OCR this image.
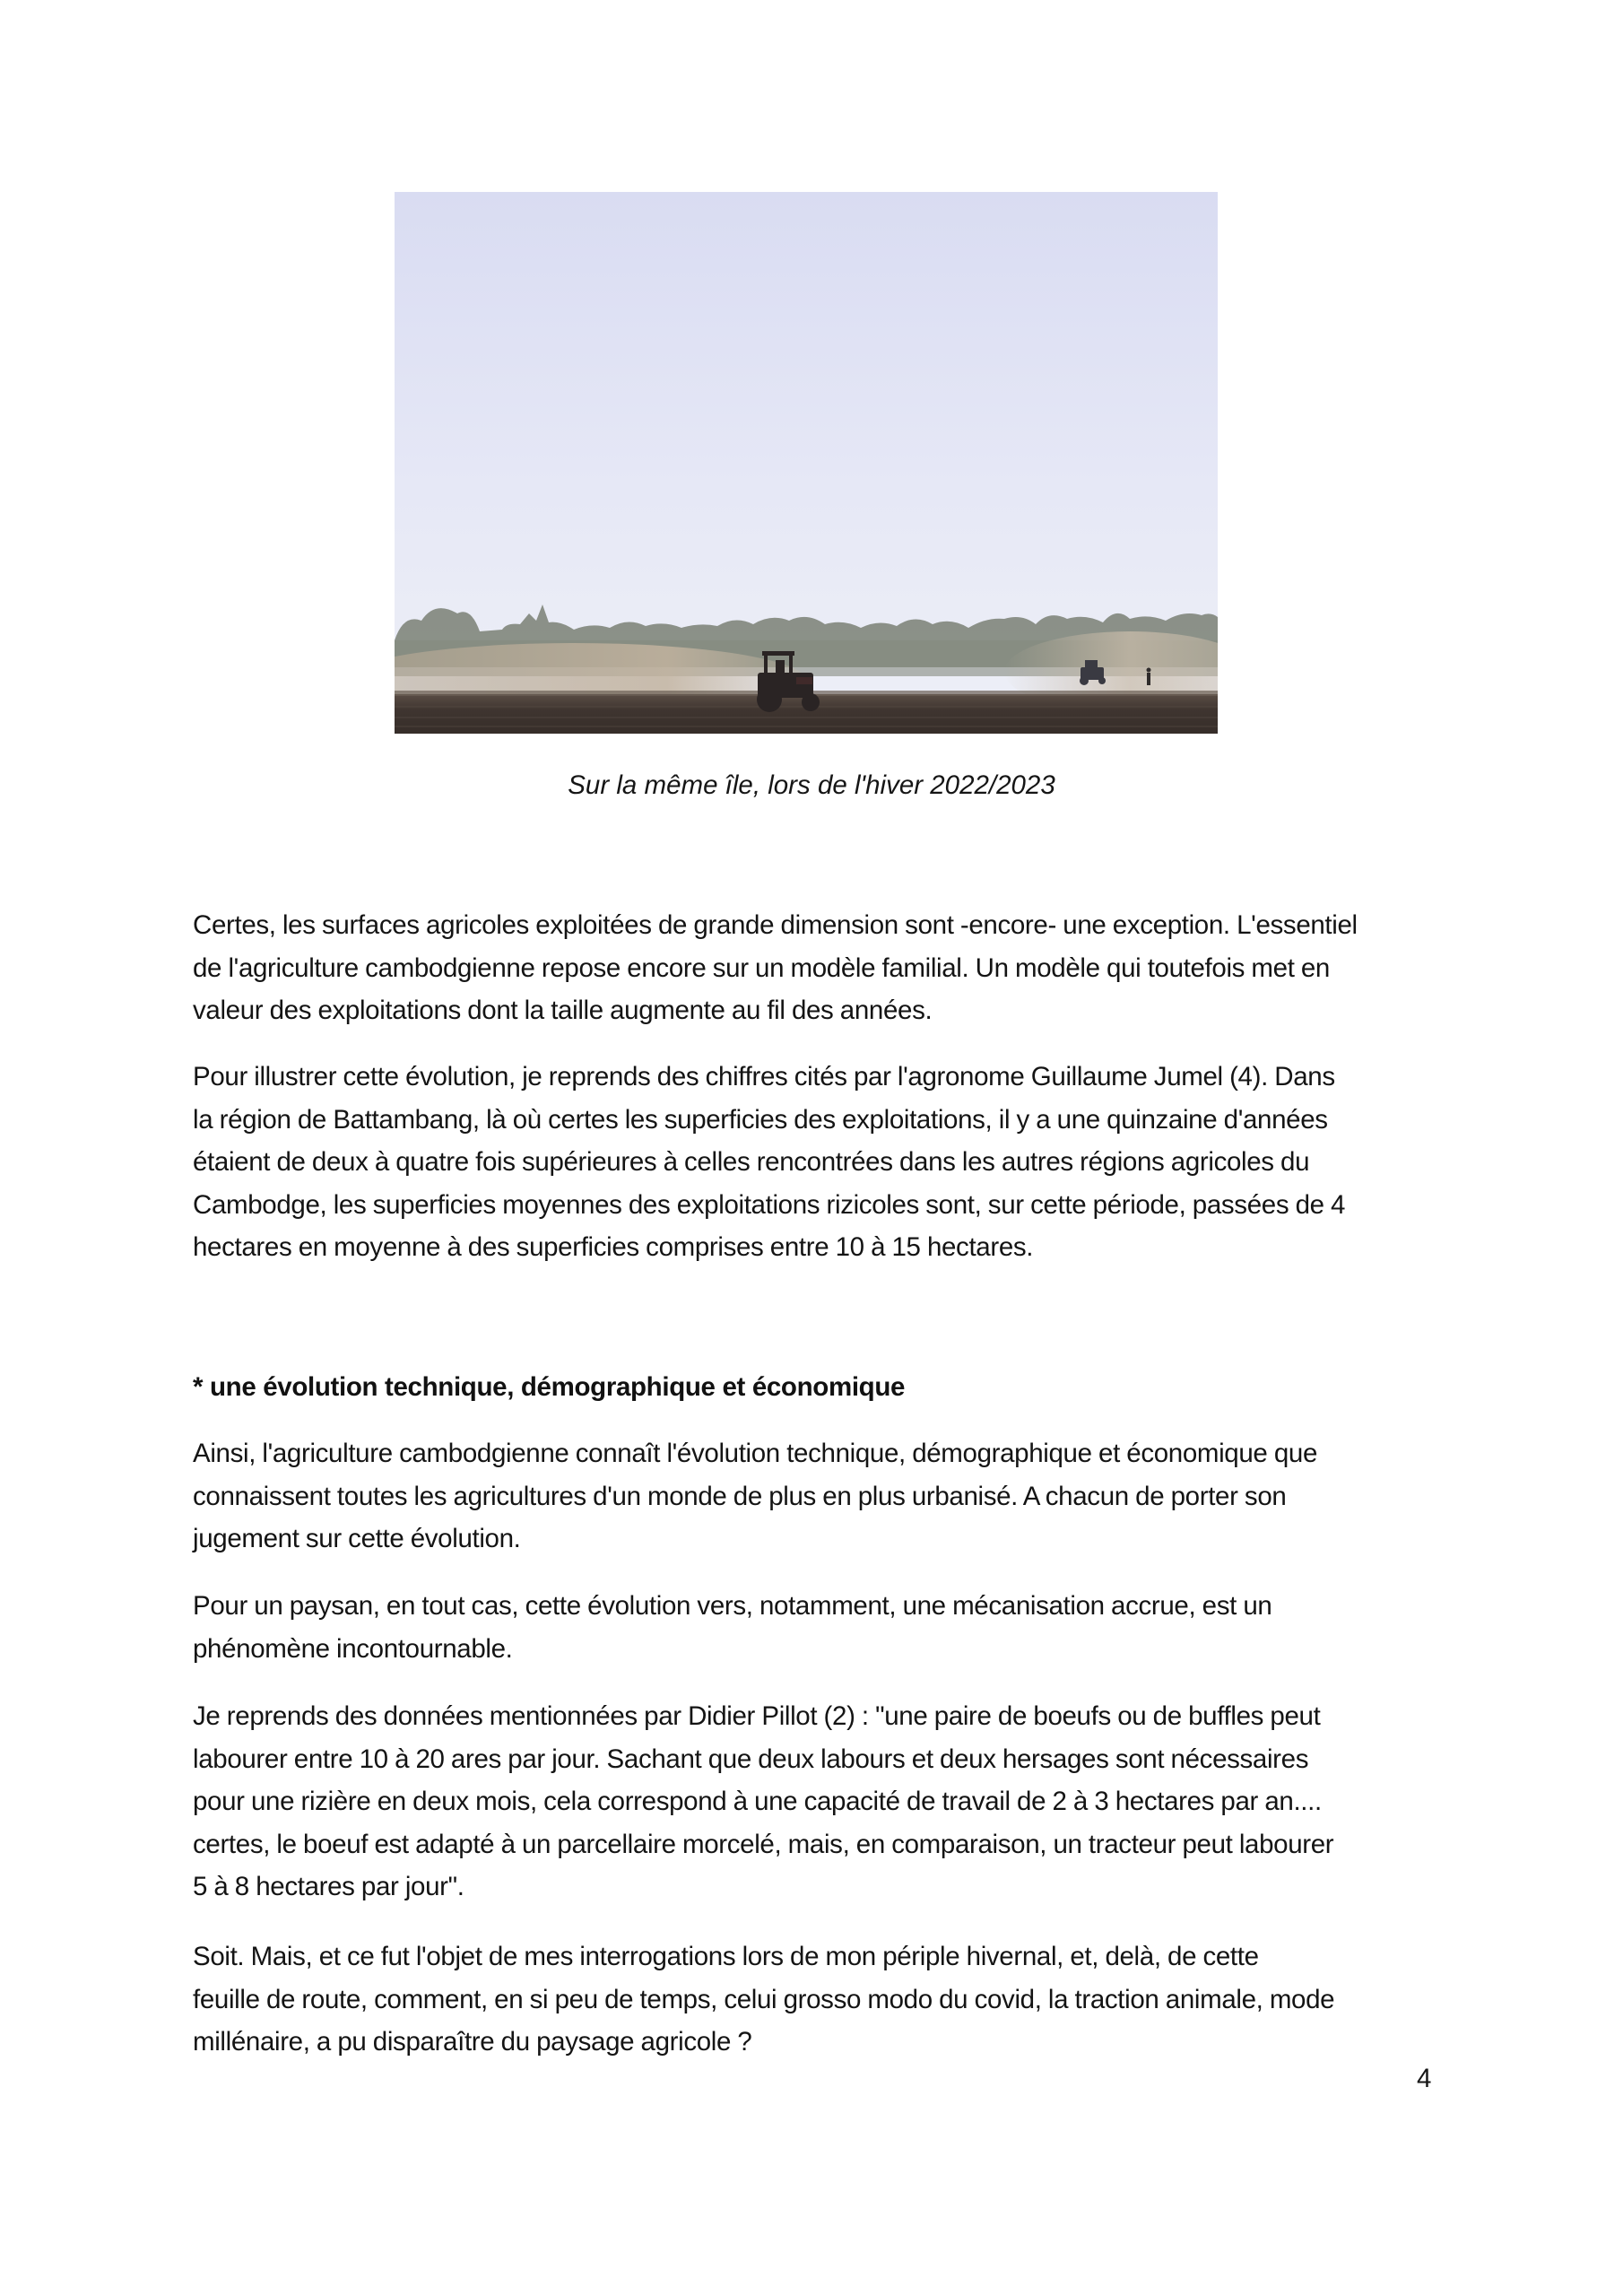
Sur la même île, lors de l'hiver 2022/2023

Certes, les surfaces agricoles exploitées de grande dimension sont -encore- une exception. L'essentiel
de l'agriculture cambodgienne repose encore sur un modèle familial. Un modèle qui toutefois met en
valeur des exploitations dont la taille augmente au fil des années.

Pour illustrer cette évolution, je reprends des chiffres cités par l'agronome Guillaume Jumel (4). Dans
la région de Battambang, là où certes les superficies des exploitations, il y a une quinzaine d'années
étaient de deux à quatre fois supérieures à celles rencontrées dans les autres régions agricoles du
Cambodge, les superficies moyennes des exploitations rizicoles sont, sur cette période, passées de 4
hectares en moyenne à des superficies comprises entre 10 à 15 hectares.

* une évolution technique, démographique et économique

Ainsi, l'agriculture cambodgienne connaît l'évolution technique, démographique et économique que
connaissent toutes les agricultures d'un monde de plus en plus urbanisé. A chacun de porter son
jugement sur cette évolution.

Pour un paysan, en tout cas, cette évolution vers, notamment, une mécanisation accrue, est un
phénomène incontournable.

Je reprends des données mentionnées par Didier Pillot (2) : "une paire de boeufs ou de buffles peut
labourer entre 10 à 20 ares par jour. Sachant que deux labours et deux hersages sont nécessaires
pour une rizière en deux mois, cela correspond à une capacité de travail de 2 à 3 hectares par an....
certes, le boeuf est adapté à un parcellaire morcelé, mais, en comparaison, un tracteur peut labourer
5 à 8 hectares par jour".

Soit. Mais, et ce fut l'objet de mes interrogations lors de mon périple hivernal, et, delà, de cette
feuille de route, comment, en si peu de temps, celui grosso modo du covid, la traction animale, mode
millénaire, a pu disparaître du paysage agricole ?

4
